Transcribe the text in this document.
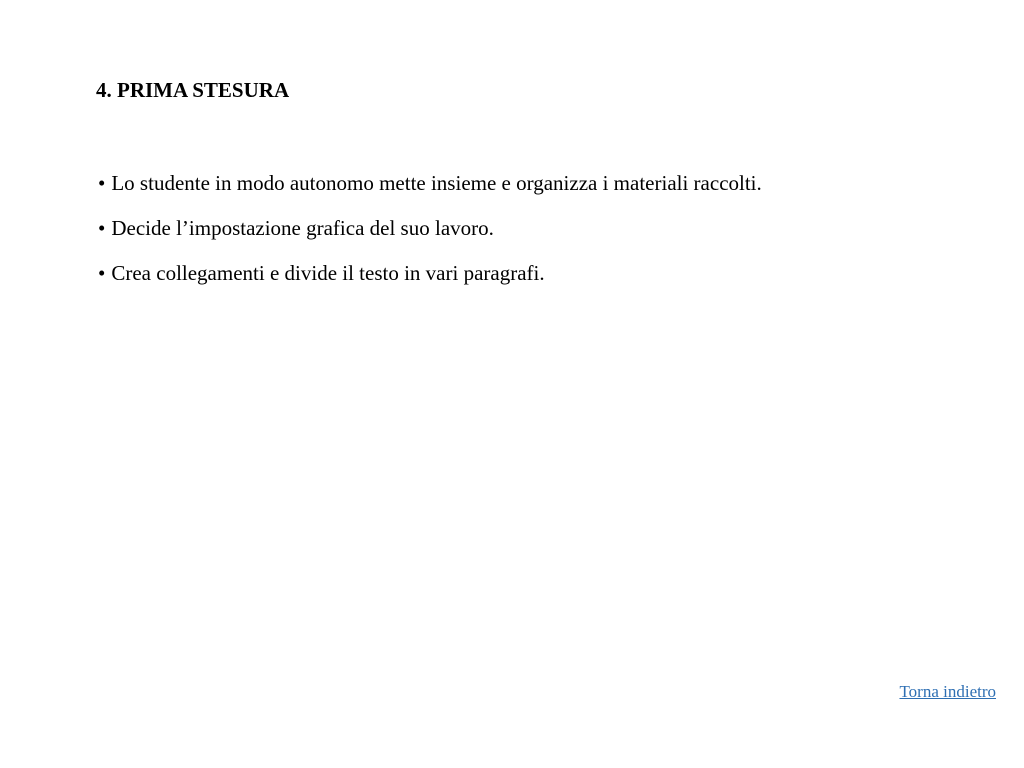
4. PRIMA STESURA
• Lo studente in modo autonomo mette insieme e organizza i materiali raccolti.
• Decide l’impostazione grafica del suo lavoro.
• Crea collegamenti e divide il testo in vari paragrafi.
Torna indietro
